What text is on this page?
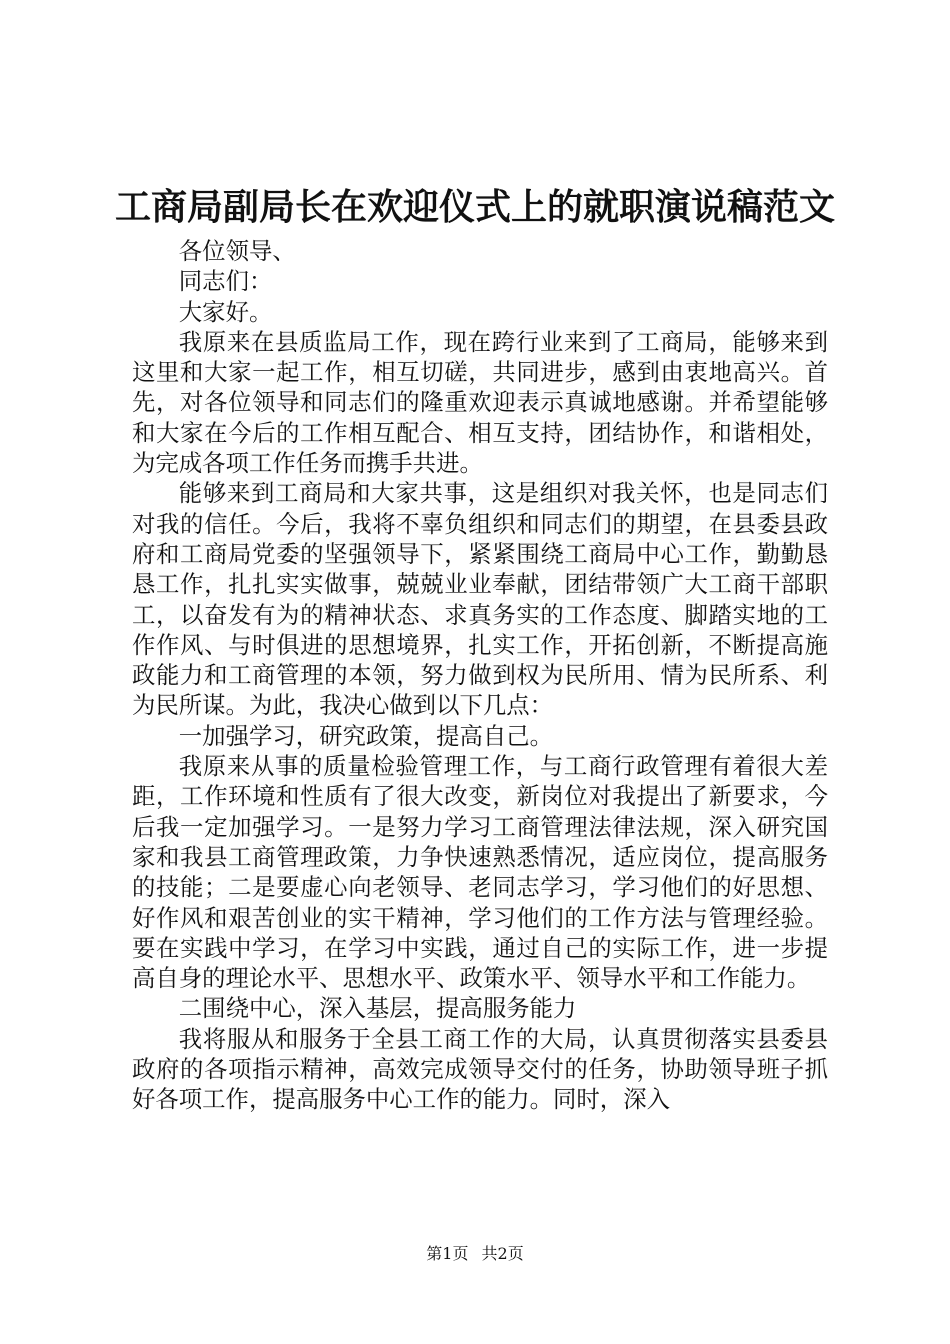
工商局副局长在欢迎仪式上的就职演说稿范文

各位领导、

同志们：

大家好。

我原来在县质监局工作，现在跨行业来到了工商局，能够来到这里和大家一起工作，相互切磋，共同进步，感到由衷地高兴。首先，对各位领导和同志们的隆重欢迎表示真诚地感谢。并希望能够和大家在今后的工作相互配合、相互支持，团结协作，和谐相处，为完成各项工作任务而携手共进。

能够来到工商局和大家共事，这是组织对我关怀，也是同志们对我的信任。今后，我将不辜负组织和同志们的期望，在县委县政府和工商局党委的坚强领导下，紧紧围绕工商局中心工作，勤勤恳恳工作，扎扎实实做事，兢兢业业奉献，团结带领广大工商干部职工，以奋发有为的精神状态、求真务实的工作态度、脚踏实地的工作作风、与时俱进的思想境界，扎实工作，开拓创新，不断提高施政能力和工商管理的本领，努力做到权为民所用、情为民所系、利为民所谋。为此，我决心做到以下几点：

一加强学习，研究政策，提高自己。

我原来从事的质量检验管理工作，与工商行政管理有着很大差距，工作环境和性质有了很大改变，新岗位对我提出了新要求，今后我一定加强学习。一是努力学习工商管理法律法规，深入研究国家和我县工商管理政策，力争快速熟悉情况，适应岗位，提高服务的技能；二是要虚心向老领导、老同志学习，学习他们的好思想、好作风和艰苦创业的实干精神，学习他们的工作方法与管理经验。要在实践中学习，在学习中实践，通过自己的实际工作，进一步提高自身的理论水平、思想水平、政策水平、领导水平和工作能力。

二围绕中心，深入基层，提高服务能力

我将服从和服务于全县工商工作的大局，认真贯彻落实县委县政府的各项指示精神，高效完成领导交付的任务，协助领导班子抓好各项工作，提高服务中心工作的能力。同时，深入

第1页 共2页
